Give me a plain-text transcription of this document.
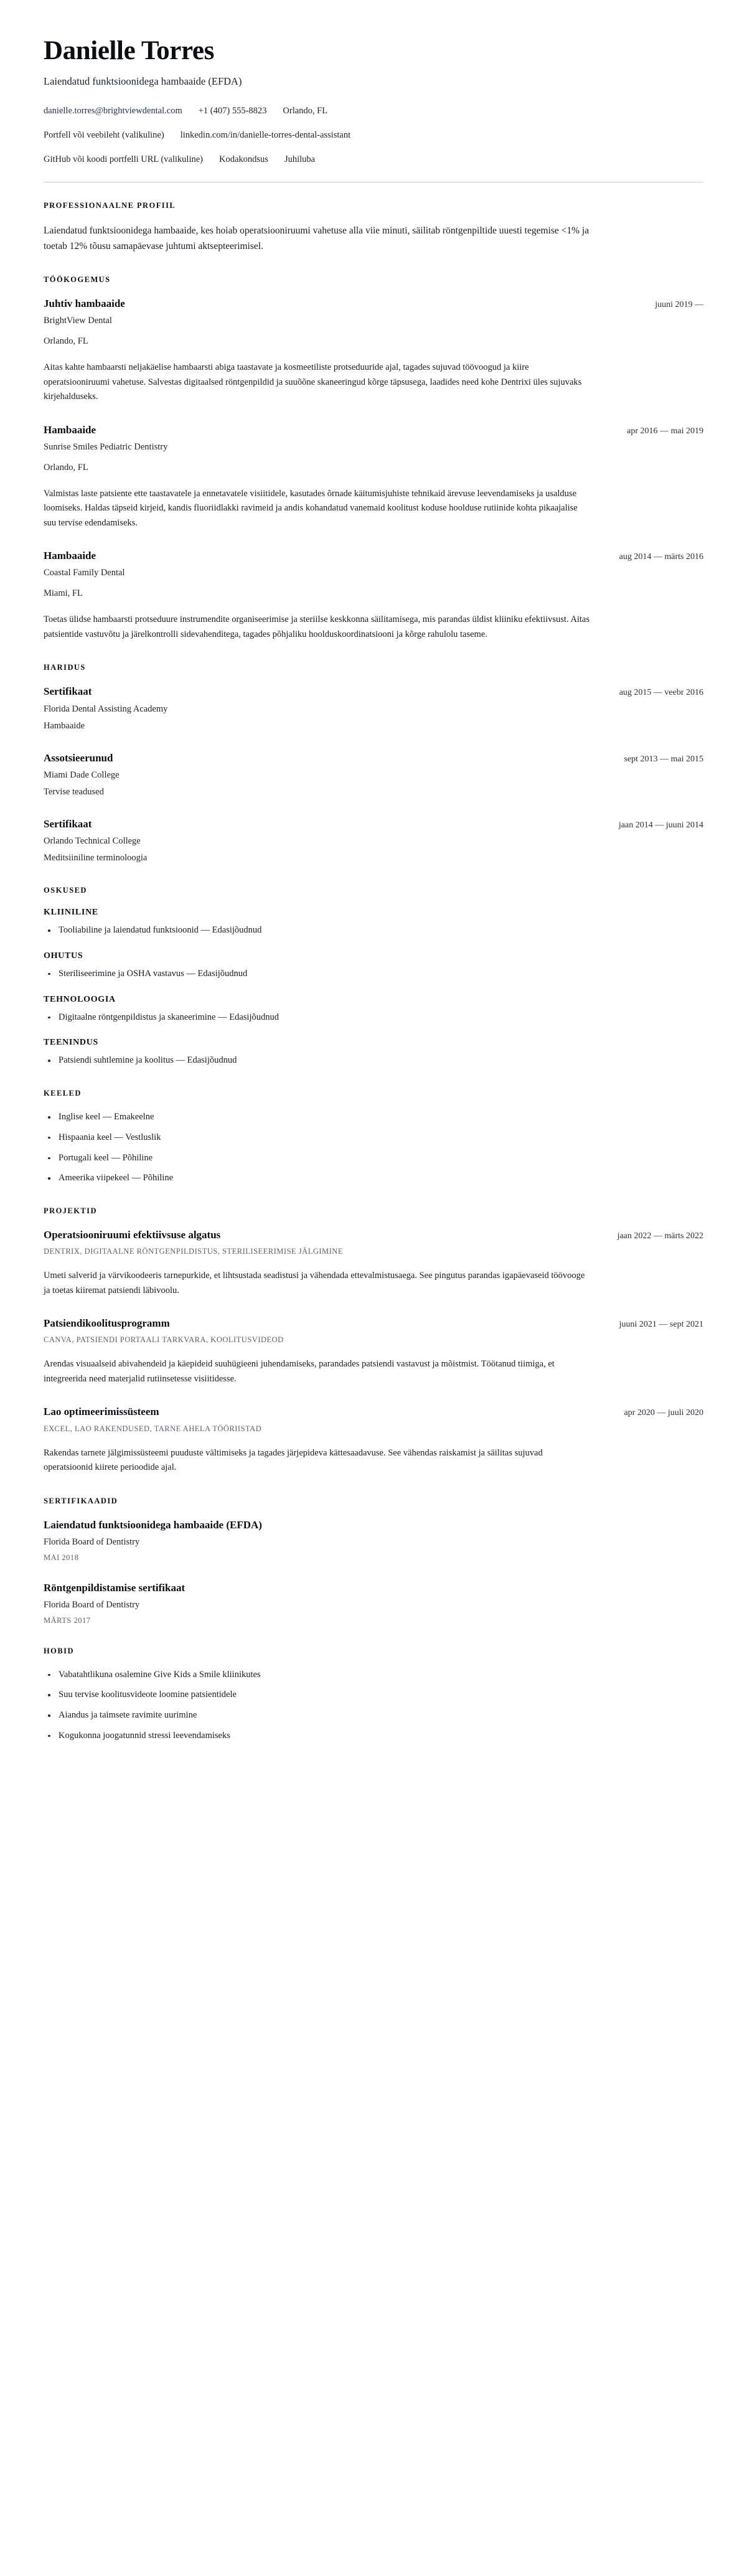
Danielle Torres
Laiendatud funktsioonidega hambaaide (EFDA)
danielle.torres@brightviewdental.com +1 (407) 555-8823 Orlando, FL
Portfell või veebileht (valikuline) linkedin.com/in/danielle-torres-dental-assistant
GitHub või koodi portfelli URL (valikuline) Kodakondsus Juhiluba
PROFESSIONAALNE PROFIIL

Laiendatud funktsioonidega hambaaide, kes hoiab operatsiooniruumi vahetuse alla viie minuti, säilitab röntgenpiltide uuesti tegemise <1% ja toetab 12% tõusu samapäevase juhtumi aktsepteerimisel.

TÖÖKOGEMUS
Juhtiv hambaaide	juuni 2019 —
BrightView Dental
Orlando, FL

Aitas kahte hambaarsti neljakäelise hambaarsti abiga taastavate ja kosmeetiliste protseduuride ajal, tagades sujuvad töövoogud ja kiire operatsiooniruumi vahetuse. Salvestas digitaalsed röntgenpildid ja suuõõne skaneeringud kõrge täpsusega, laadides need kohe Dentrixi üles sujuvaks kirjehalduseks.

Hambaaide	apr 2016 — mai 2019
Sunrise Smiles Pediatric Dentistry
Orlando, FL

Valmistas laste patsiente ette taastavatele ja ennetavatele visiitidele, kasutades õrnade käitumisjuhiste tehnikaid ärevuse leevendamiseks ja usalduse loomiseks. Haldas täpseid kirjeid, kandis fluoriidlakki ravimeid ja andis kohandatud vanemaid koolitust koduse hoolduse rutiinide kohta pikaajalise suu tervise edendamiseks.

Hambaaide	aug 2014 — märts 2016
Coastal Family Dental
Miami, FL

Toetas ülidse hambaarsti protseduure instrumendite organiseerimise ja steriilse keskkonna säilitamisega, mis parandas üldist kliiniku efektiivsust. Aitas patsientide vastuvõtu ja järelkontrolli sidevahenditega, tagades põhjaliku hoolduskoordinatsiooni ja kõrge rahulolu taseme.

HARIDUS
Sertifikaat	aug 2015 — veebr 2016
Florida Dental Assisting Academy
Hambaaide
Assotsieerunud	sept 2013 — mai 2015
Miami Dade College
Tervise teadused
Sertifikaat	jaan 2014 — juuni 2014
Orlando Technical College
Meditsiiniline terminoloogia
OSKUSED
KLIINILINE
Tooliabiline ja laiendatud funktsioonid — Edasijõudnud
OHUTUS
Steriliseerimine ja OSHA vastavus — Edasijõudnud
TEHNOLOOGIA
Digitaalne röntgenpildistus ja skaneerimine — Edasijõudnud
TEENINDUS
Patsiendi suhtlemine ja koolitus — Edasijõudnud
KEELED
Inglise keel — Emakeelne
Hispaania keel — Vestluslik
Portugali keel — Põhiline
Ameerika viipekeel — Põhiline
PROJEKTID
Operatsiooniruumi efektiivsuse algatus	jaan 2022 — märts 2022
DENTRIX, DIGITAALNE RÖNTGENPILDISTUS, STERILISEERIMISE JÄLGIMINE

Umeti salverid ja värvikoodeeris tarnepurkide, et lihtsustada seadistusi ja vähendada ettevalmistusaega. See pingutus parandas igapäevaseid töövooge ja toetas kiiremat patsiendi läbivoolu.

Patsiendikoolitusprogramm	juuni 2021 — sept 2021
CANVA, PATSIENDI PORTAALI TARKVARA, KOOLITUSVIDEOD

Arendas visuaalseid abivahendeid ja käepideid suuhügieeni juhendamiseks, parandades patsiendi vastavust ja mõistmist. Töötanud tiimiga, et integreerida need materjalid rutiinsetesse visiitidesse.

Lao optimeerimissüsteem	apr 2020 — juuli 2020
EXCEL, LAO RAKENDUSED, TARNE AHELA TÖÖRIISTAD

Rakendas tarnete jälgimissüsteemi puuduste vältimiseks ja tagades järjepideva kättesaadavuse. See vähendas raiskamist ja säilitas sujuvad operatsioonid kiirete perioodide ajal.

SERTIFIKAADID
Laiendatud funktsioonidega hambaaide (EFDA)
Florida Board of Dentistry
MAI 2018
Röntgenpildistamise sertifikaat
Florida Board of Dentistry
MÄRTS 2017
HOBID
Vabatahtlikuna osalemine Give Kids a Smile kliinikutes
Suu tervise koolitusvideote loomine patsientidele
Aiandus ja taimsete ravimite uurimine
Kogukonna joogatunnid stressi leevendamiseks
